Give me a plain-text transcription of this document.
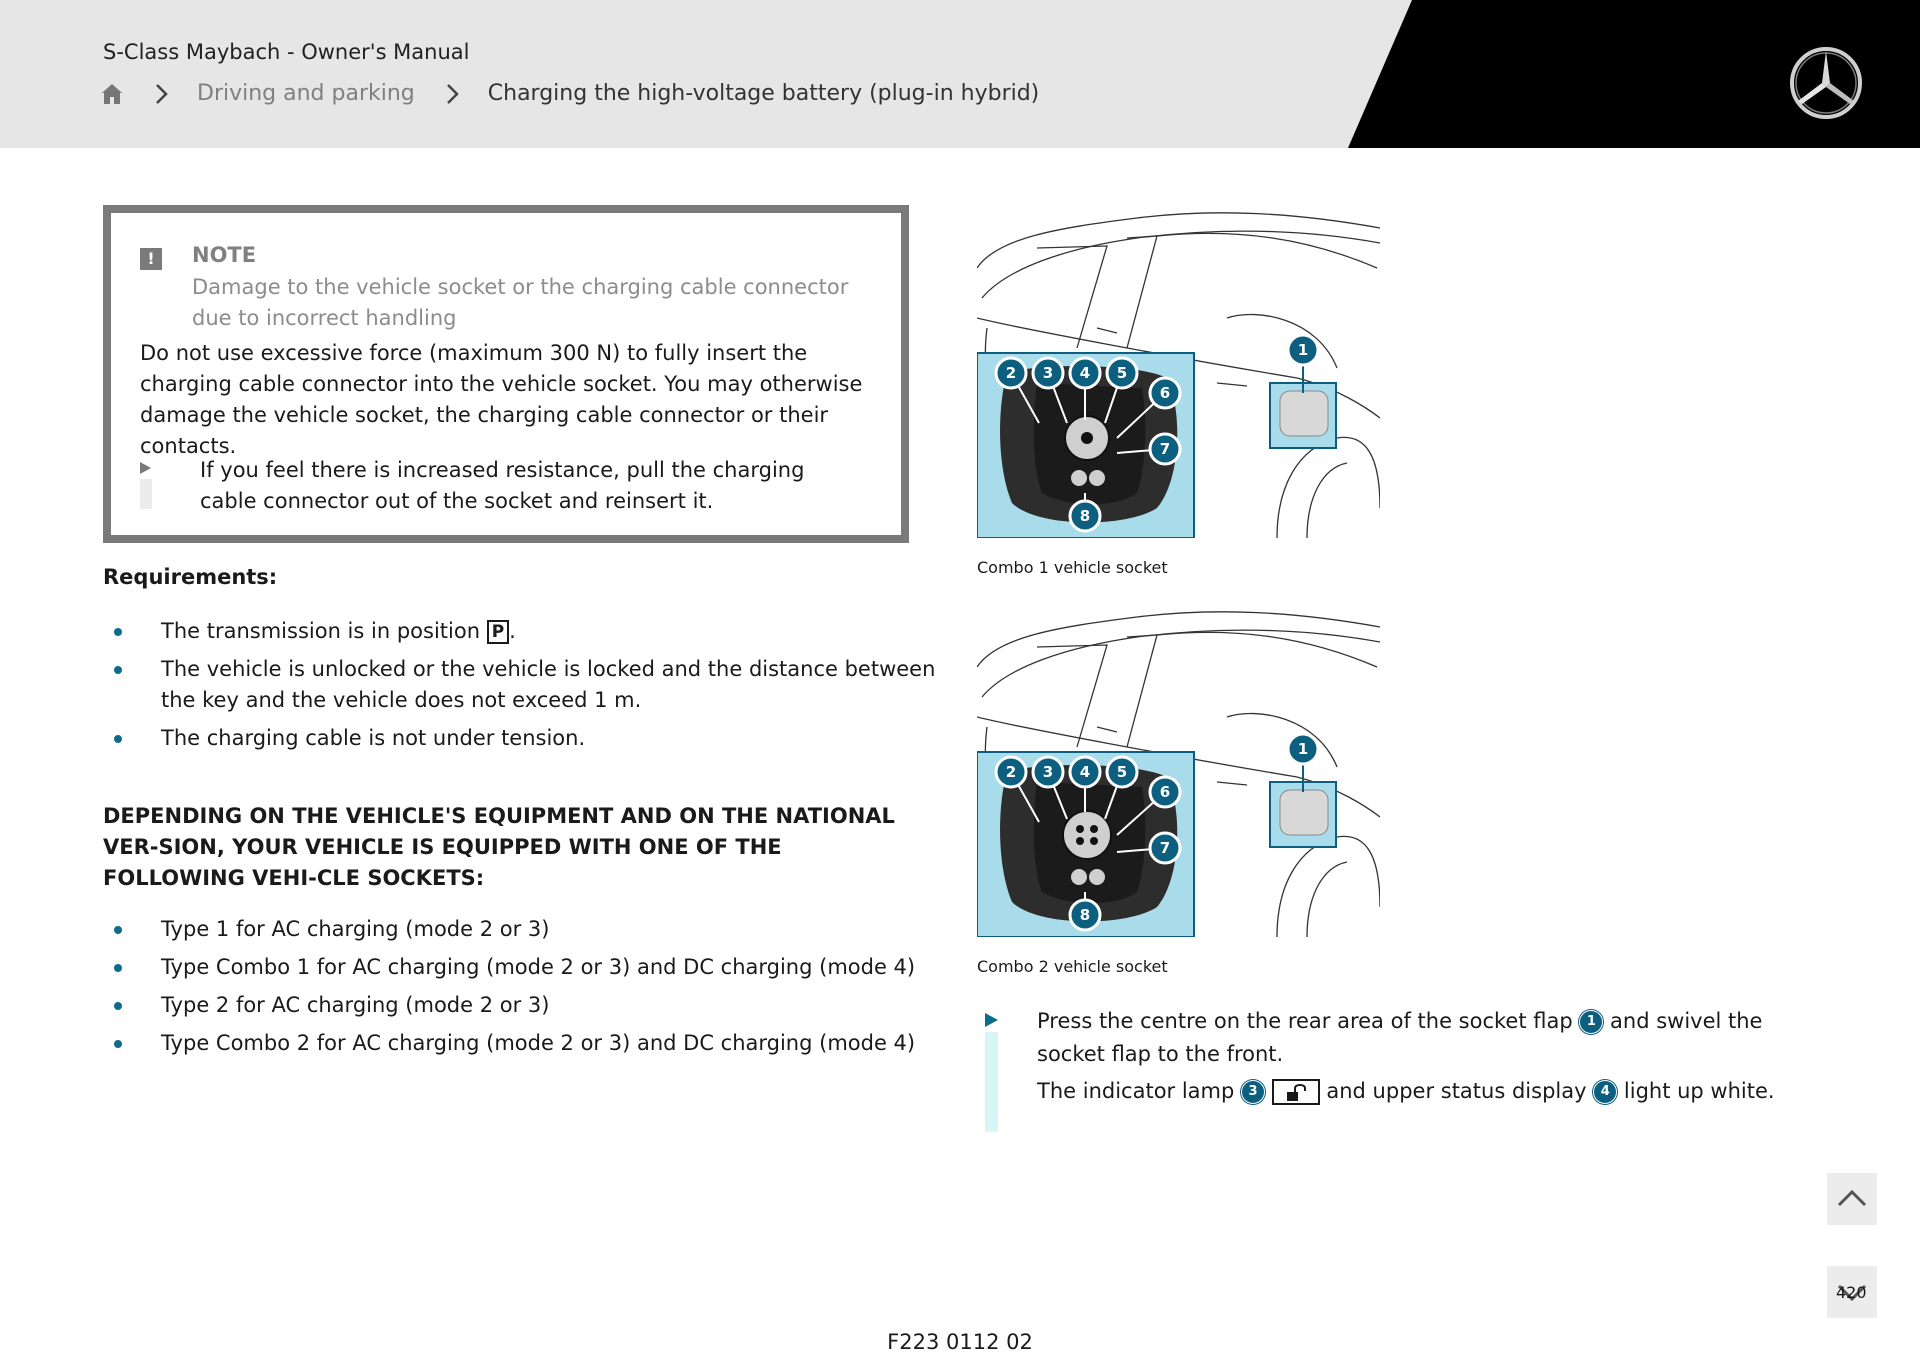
S-Class Maybach - Owner's Manual
Driving and parking	Charging the high-voltage battery (plug-in hybrid)
!	NOTE
Damage to the vehicle socket or the charging cable connector due to incorrect handling
Do not use excessive force (maximum 300 N) to fully insert the charging cable connector into the vehicle socket. You may otherwise damage the vehicle socket, the charging cable connector or their contacts.
If you feel there is increased resistance, pull the charging cable connector out of the socket and reinsert it.
Requirements:
The transmission is in position P .
The vehicle is unlocked or the vehicle is locked and the distance between the key and the vehicle does not exceed 1 m.
The charging cable is not under tension.
DEPENDING ON THE VEHICLE'S EQUIPMENT AND ON THE NATIONAL VER-SION, YOUR VEHICLE IS EQUIPPED WITH ONE OF THE FOLLOWING VEHI-CLE SOCKETS:
Type 1 for AC charging (mode 2 or 3)
Type Combo 1 for AC charging (mode 2 or 3) and DC charging (mode 4)
Type 2 for AC charging (mode 2 or 3)
Type Combo 2 for AC charging (mode 2 or 3) and DC charging (mode 4)
1
2 3 4 5
6
7
8
Combo 1 vehicle socket
1
2 3 4 5
6
7
8
Combo 2 vehicle socket
Press the centre on the rear area of the socket flap 1 and swivel the socket flap to the front.
The indicator lamp 3	and upper status display 4 light up white.
420
F223 0112 02
